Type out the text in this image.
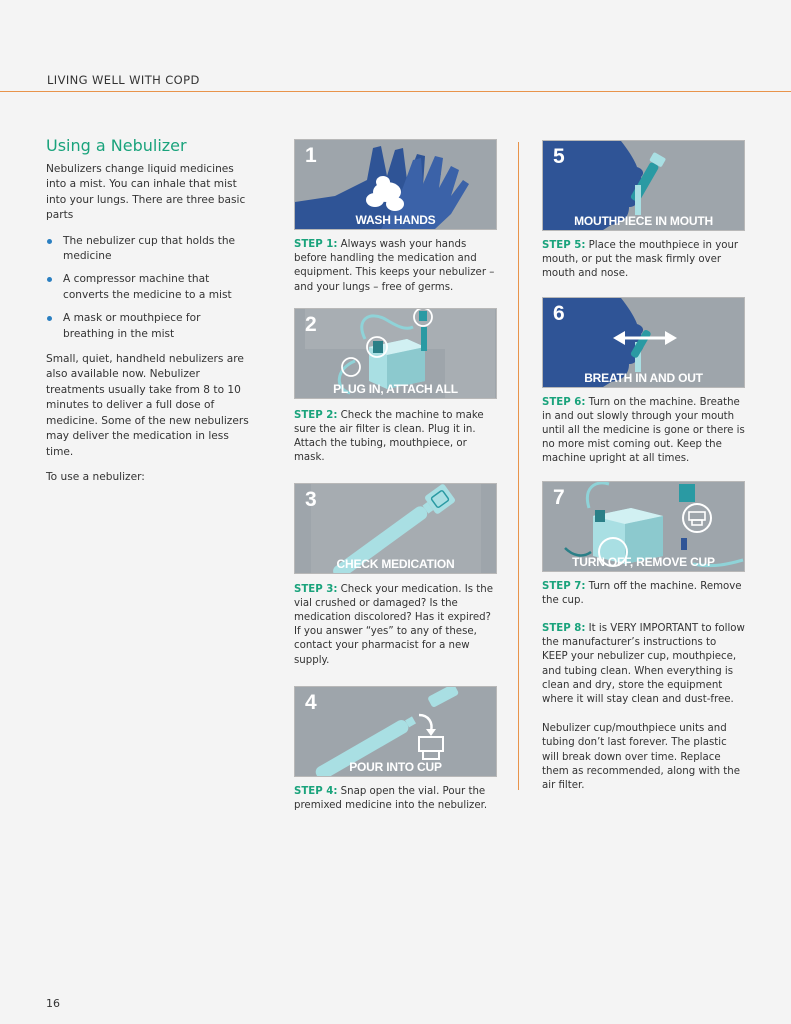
LIVING WELL WITH COPD
Using a Nebulizer

Nebulizers change liquid medicines into a mist. You can inhale that mist into your lungs. There are three basic parts

The nebulizer cup that holds the medicine
A compressor machine that converts the medicine to a mist
A mask or mouthpiece for breathing in the mist

Small, quiet, handheld nebulizers are also available now. Nebulizer treatments usually take from 8 to 10 minutes to deliver a full dose of medicine. Some of the new nebulizers may deliver the medication in less time.

To use a nebulizer:

1
WASH HANDS

STEP 1: Always wash your hands before handling the medication and equipment. This keeps your nebulizer – and your lungs – free of germs.

2
PLUG IN, ATTACH ALL

STEP 2: Check the machine to make sure the air filter is clean. Plug it in. Attach the tubing, mouthpiece, or mask.

3
CHECK MEDICATION

STEP 3: Check your medication. Is the vial crushed or damaged? Is the medication discolored? Has it expired? If you answer “yes” to any of these, contact your pharmacist for a new supply.

4
POUR INTO CUP

STEP 4: Snap open the vial. Pour the premixed medicine into the nebulizer.

5
MOUTHPIECE IN MOUTH

STEP 5: Place the mouthpiece in your mouth, or put the mask firmly over mouth and nose.

6
BREATH IN AND OUT

STEP 6: Turn on the machine. Breathe in and out slowly through your mouth until all the medicine is gone or there is no more mist coming out. Keep the machine upright at all times.

7
TURN OFF, REMOVE CUP

STEP 7: Turn off the machine. Remove the cup.

STEP 8: It is VERY IMPORTANT to follow the manufacturer’s instructions to KEEP your nebulizer cup, mouthpiece, and tubing clean. When everything is clean and dry, store the equipment where it will stay clean and dust-free.

Nebulizer cup/mouthpiece units and tubing don’t last forever. The plastic will break down over time. Replace them as recommended, along with the air filter.

16
